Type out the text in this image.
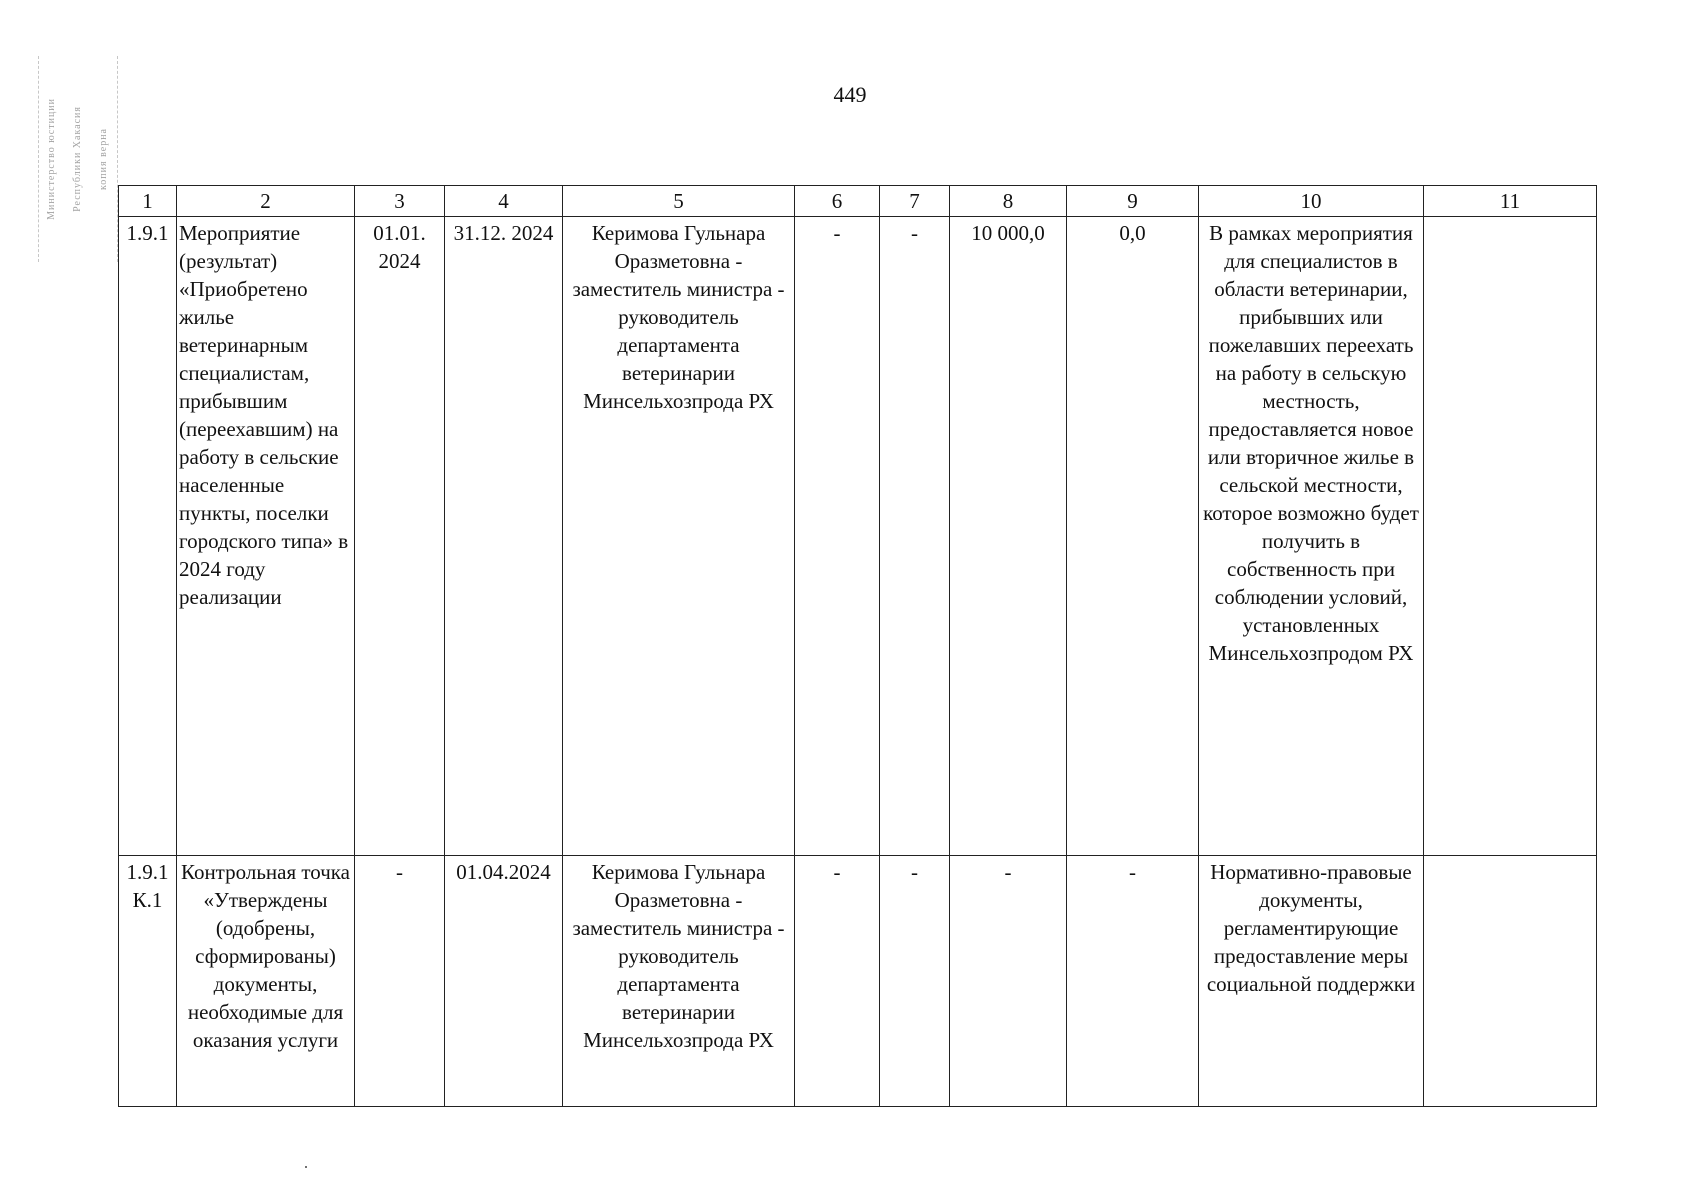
Министерство юстиции Республики Хакасия копия верна
449
1	2	3	4	5	6	7	8	9	10	11
1.9.1	Мероприятие (результат) «Приобретено жилье ветеринарным специалистам, прибывшим (переехавшим) на работу в сельские населенные пункты, поселки городского типа» в 2024 году реализации	01.01. 2024	31.12. 2024	Керимова Гульнара Оразметовна - заместитель министра - руководитель департамента ветеринарии Минсельхозпрода РХ	-	-	10 000,0	0,0	В рамках мероприятия для специалистов в области ветеринарии, прибывших или пожелавших переехать на работу в сельскую местность, предоставляется новое или вторичное жилье в сельской местности, которое возможно будет получить в собственность при соблюдении условий, установленных Минсельхозпродом РХ	
1.9.1 К.1	Контрольная точка «Утверждены (одобрены, сформированы) документы, необходимые для оказания услуги	-	01.04.2024	Керимова Гульнара Оразметовна - заместитель министра - руководитель департамента ветеринарии Минсельхозпрода РХ	-	-	-	-	Нормативно-правовые документы, регламентирующие предоставление меры социальной поддержки	
